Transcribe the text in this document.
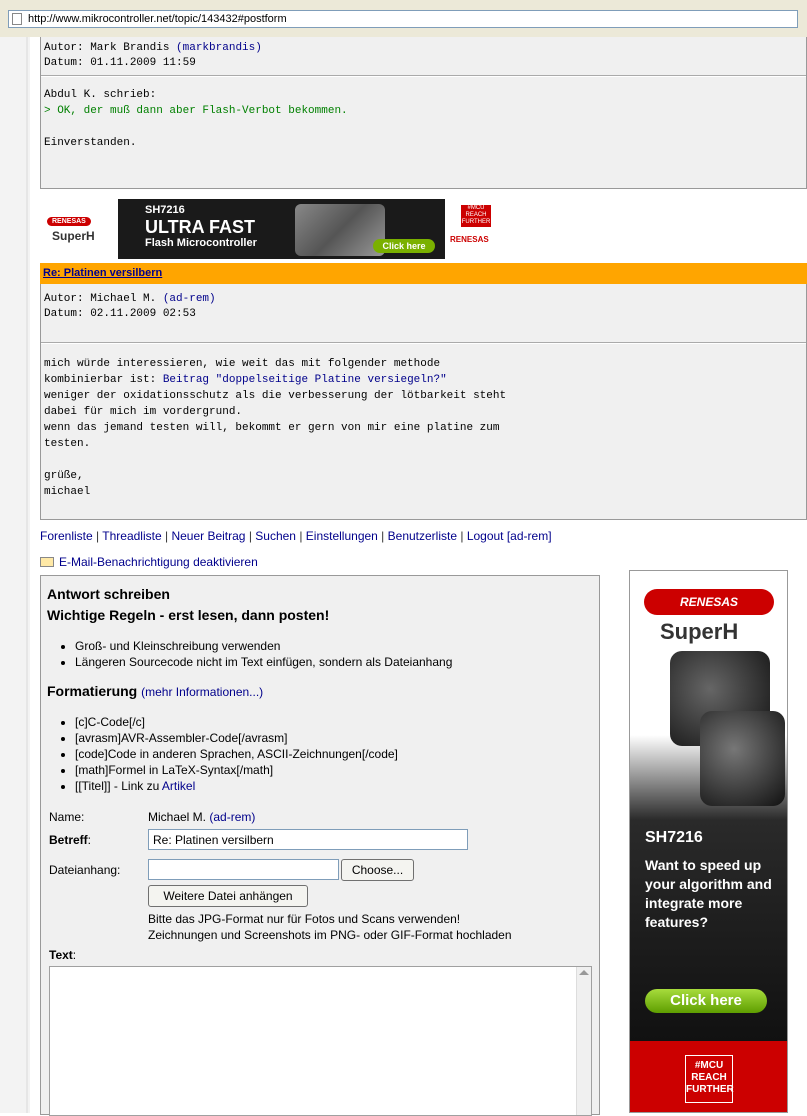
http://www.mikrocontroller.net/topic/143432#postform
Autor: Mark Brandis (markbrandis)
Datum: 01.11.2009 11:59
Abdul K. schrieb:
> OK, der muß dann aber Flash-Verbot bekommen.

Einverstanden.
RENESAS
SuperH
SH7216
ULTRA FAST
Flash Microcontroller	Click here
#MCU REACH FURTHER
RENESAS
Re: Platinen versilbern
Autor: Michael M. (ad-rem)
Datum: 02.11.2009 02:53
mich würde interessieren, wie weit das mit folgender methode
kombinierbar ist: Beitrag "doppelseitige Platine versiegeln?"
weniger der oxidationsschutz als die verbesserung der lötbarkeit steht
dabei für mich im vordergrund.
wenn das jemand testen will, bekommt er gern von mir eine platine zum
testen.

grüße,
michael
Forenliste | Threadliste | Neuer Beitrag | Suchen | Einstellungen | Benutzerliste | Logout [ad-rem]
E-Mail-Benachrichtigung deaktivieren
Antwort schreiben
Wichtige Regeln - erst lesen, dann posten!
• Groß- und Kleinschreibung verwenden
• Längeren Sourcecode nicht im Text einfügen, sondern als Dateianhang
Formatierung (mehr Informationen...)
• [c]C-Code[/c]
• [avrasm]AVR-Assembler-Code[/avrasm]
• [code]Code in anderen Sprachen, ASCII-Zeichnungen[/code]
• [math]Formel in LaTeX-Syntax[/math]
• [[Titel]] - Link zu Artikel
Name:	Michael M. (ad-rem)
Betreff:
Re: Platinen versilbern
Dateianhang:	Choose...
Weitere Datei anhängen
Bitte das JPG-Format nur für Fotos und Scans verwenden!
Zeichnungen und Screenshots im PNG- oder GIF-Format hochladen
Text:
RENESAS
SuperH
SH7216
Want to speed up your algorithm and integrate more features?
Click here
#MCU REACH FURTHER
